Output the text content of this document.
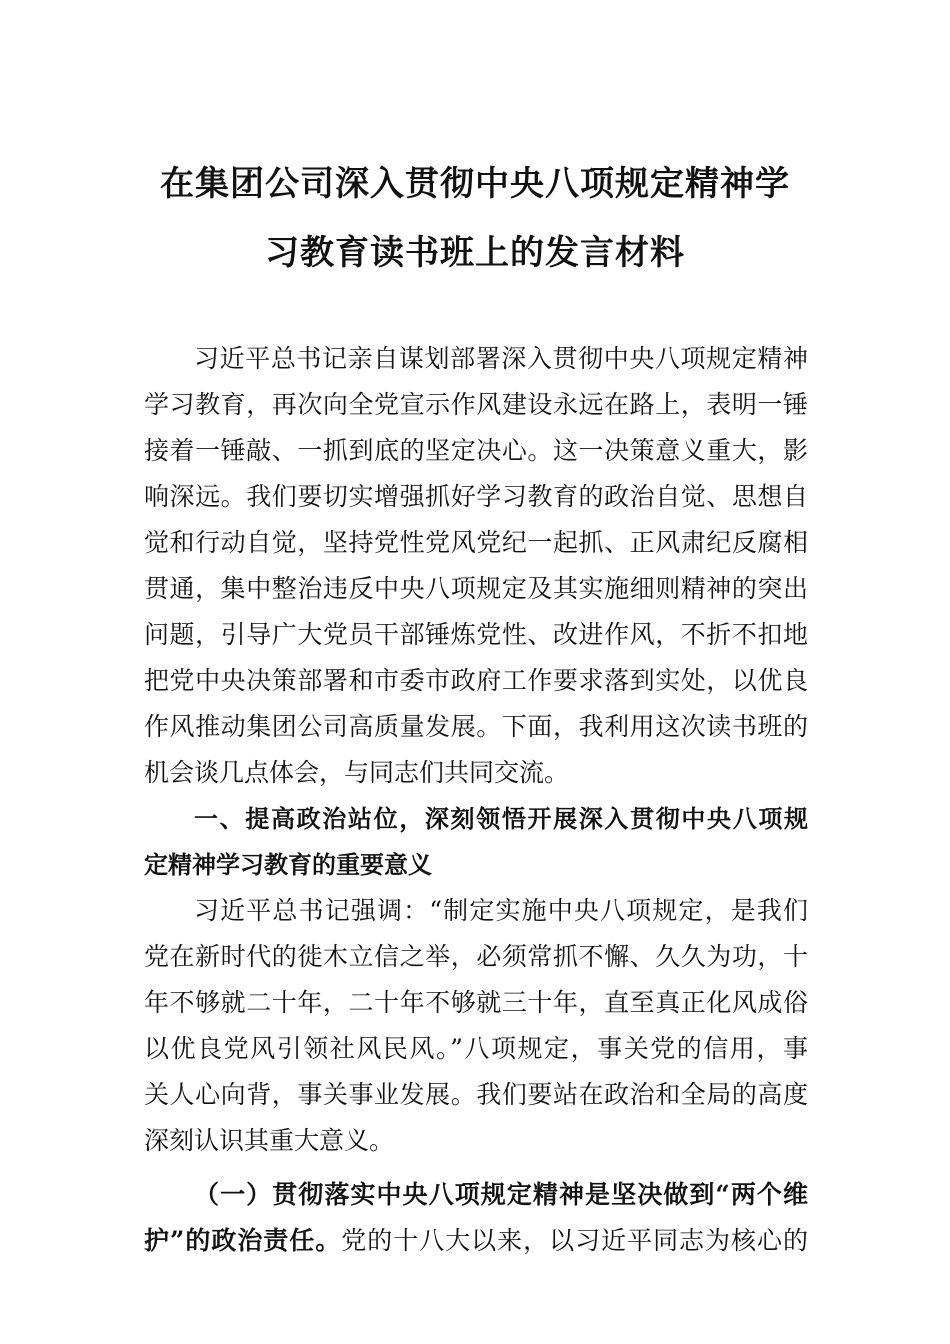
在集团公司深入贯彻中央八项规定精神学
习教育读书班上的发言材料
习近平总书记亲自谋划部署深入贯彻中央八项规定精神
学习教育，再次向全党宣示作风建设永远在路上，表明一锤
接着一锤敲、一抓到底的坚定决心。这一决策意义重大，影
响深远。我们要切实增强抓好学习教育的政治自觉、思想自
觉和行动自觉，坚持党性党风党纪一起抓、正风肃纪反腐相
贯通，集中整治违反中央八项规定及其实施细则精神的突出
问题，引导广大党员干部锤炼党性、改进作风，不折不扣地
把党中央决策部署和市委市政府工作要求落到实处，以优良
作风推动集团公司高质量发展。下面，我利用这次读书班的
机会谈几点体会，与同志们共同交流。
一、提高政治站位，深刻领悟开展深入贯彻中央八项规
定精神学习教育的重要意义
习近平总书记强调：“制定实施中央八项规定，是我们
党在新时代的徙木立信之举，必须常抓不懈、久久为功，十
年不够就二十年，二十年不够就三十年，直至真正化风成俗
以优良党风引领社风民风。”八项规定，事关党的信用，事
关人心向背，事关事业发展。我们要站在政治和全局的高度
深刻认识其重大意义。
（一）贯彻落实中央八项规定精神是坚决做到“两个维
护”的政治责任。党的十八大以来，以习近平同志为核心的
